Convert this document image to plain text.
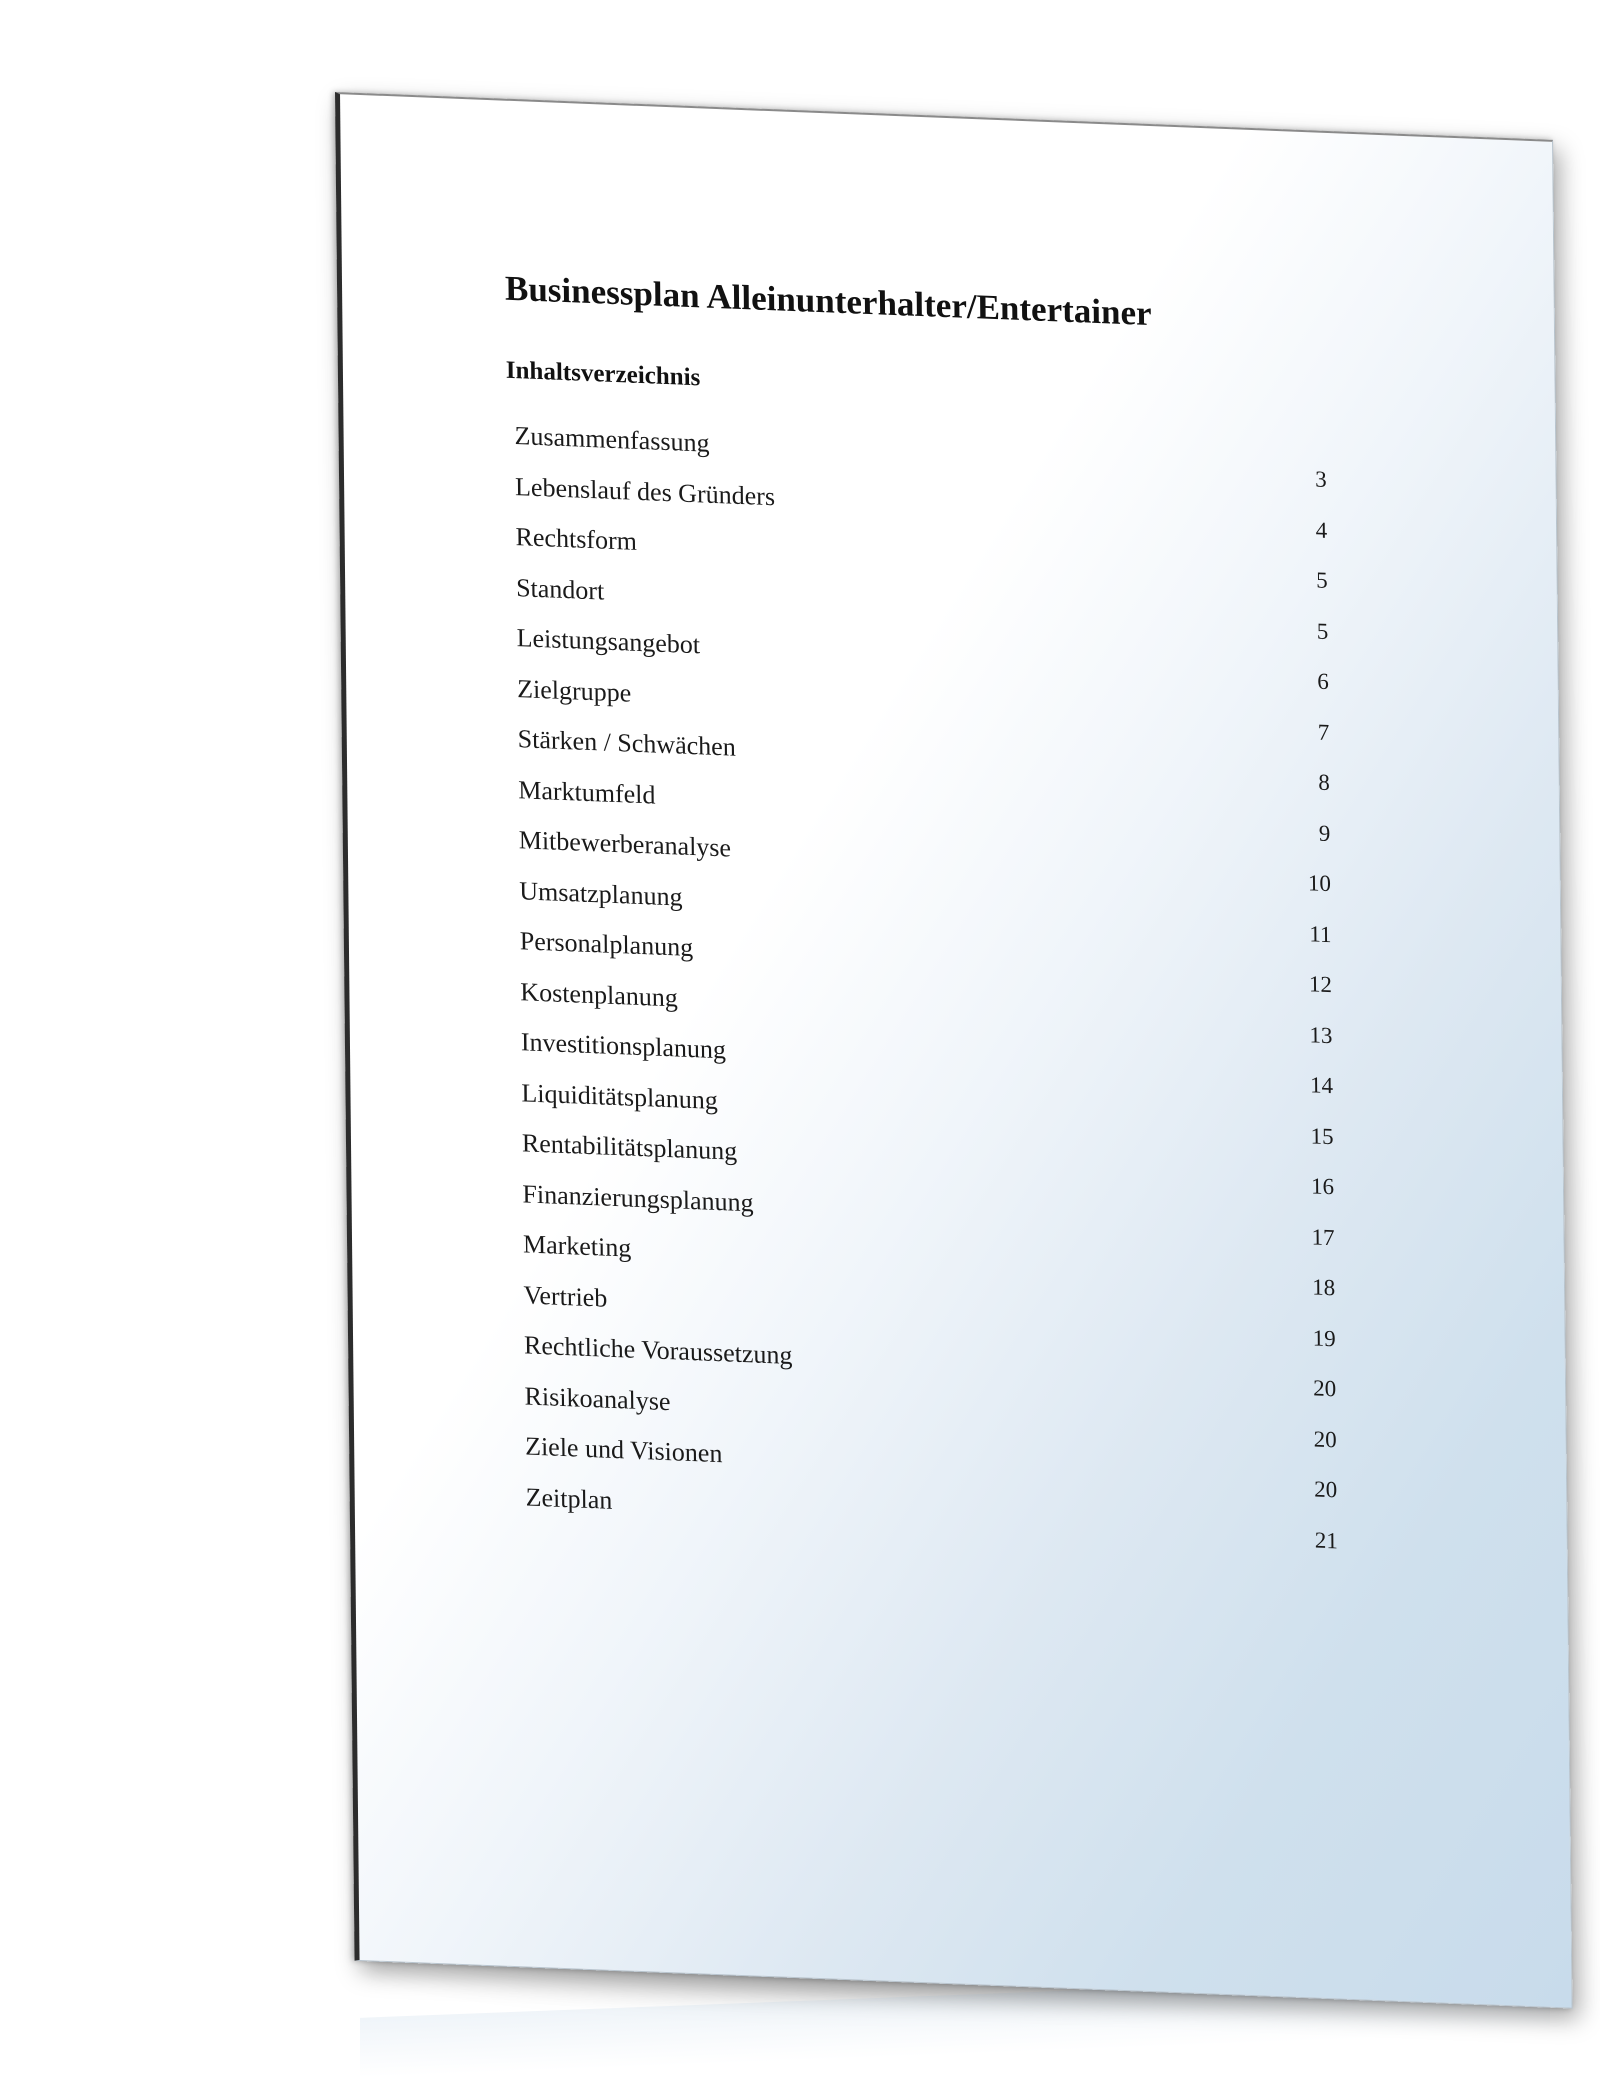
Businessplan Alleinunterhalter/Entertainer
Inhaltsverzeichnis
Zusammenfassung
3
Lebenslauf des Gründers
4
Rechtsform
5
Standort
5
Leistungsangebot
6
Zielgruppe
7
Stärken / Schwächen
8
Marktumfeld
9
Mitbewerberanalyse
10
Umsatzplanung
11
Personalplanung
12
Kostenplanung
13
Investitionsplanung
14
Liquiditätsplanung
15
Rentabilitätsplanung
16
Finanzierungsplanung
17
Marketing
18
Vertrieb
19
Rechtliche Voraussetzung
20
Risikoanalyse
20
Ziele und Visionen
20
Zeitplan
21
